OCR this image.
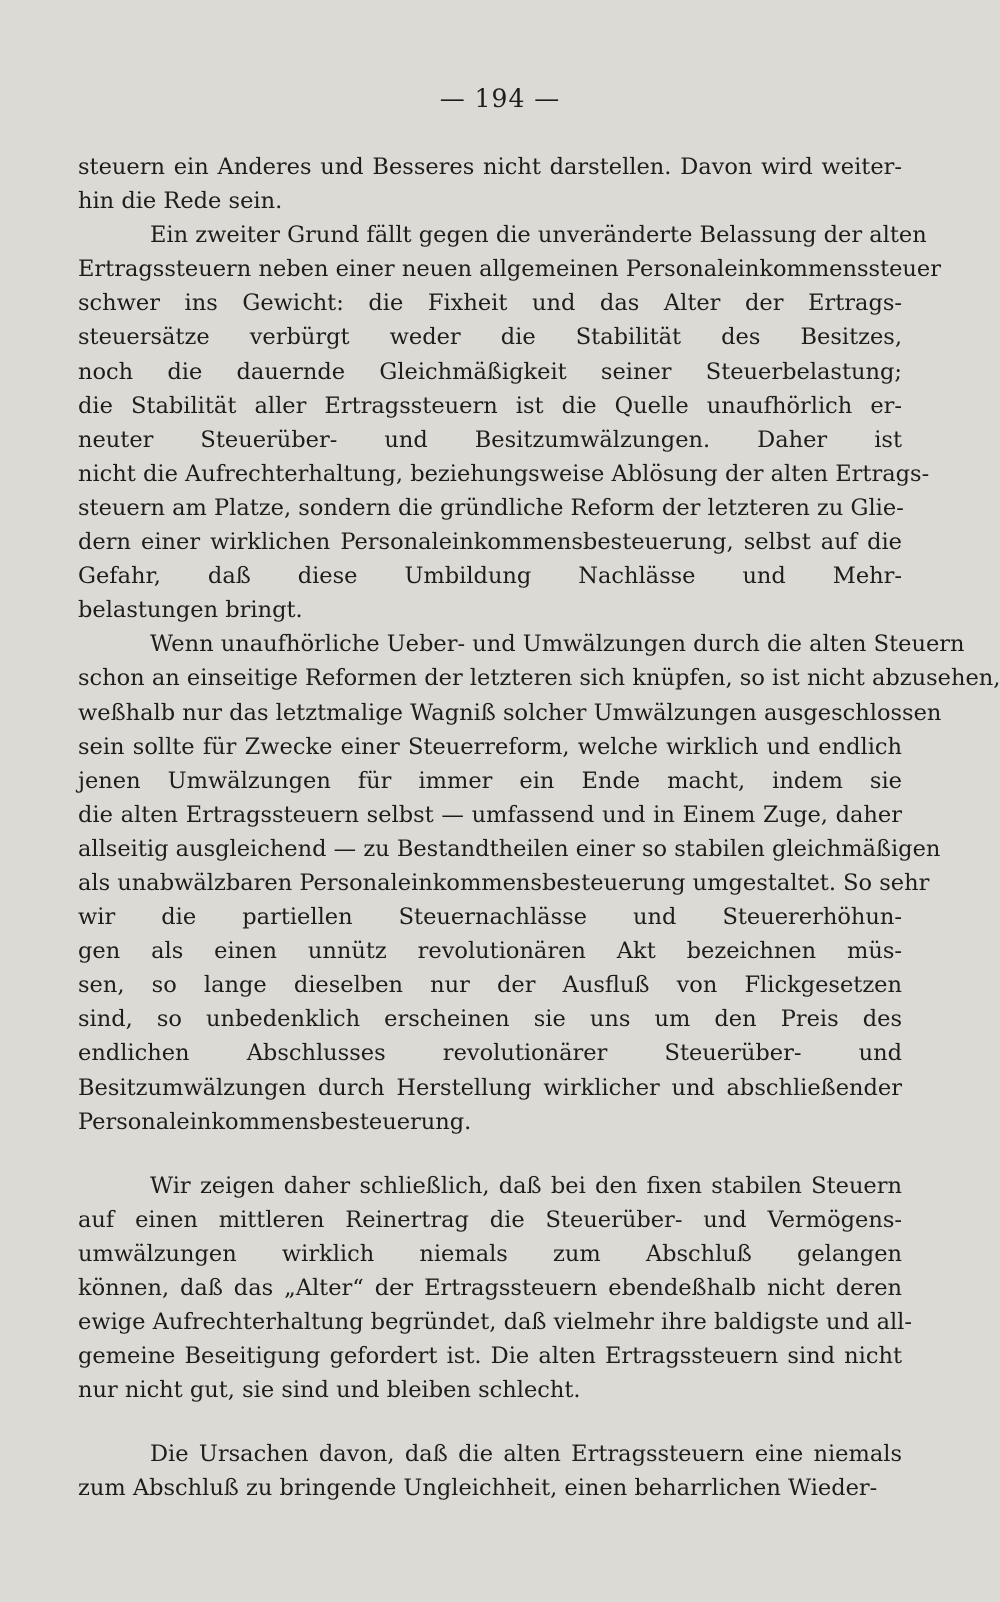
— 194 —
steuern ein Anderes und Besseres nicht darstellen. Davon wird weiter-
hin die Rede sein.
Ein zweiter Grund fällt gegen die unveränderte Belassung der alten
Ertragssteuern neben einer neuen allgemeinen Personaleinkommenssteuer
schwer ins Gewicht: die Fixheit und das Alter der Ertrags-
steuersätze verbürgt weder die Stabilität des Besitzes,
noch die dauernde Gleichmäßigkeit seiner Steuerbelastung;
die Stabilität aller Ertragssteuern ist die Quelle unaufhörlich er-
neuter Steuerüber- und Besitzumwälzungen. Daher ist
nicht die Aufrechterhaltung, beziehungsweise Ablösung der alten Ertrags-
steuern am Platze, sondern die gründliche Reform der letzteren zu Glie-
dern einer wirklichen Personaleinkommensbesteuerung, selbst auf die
Gefahr, daß diese Umbildung Nachlässe und Mehr-
belastungen bringt.
Wenn unaufhörliche Ueber- und Umwälzungen durch die alten Steuern
schon an einseitige Reformen der letzteren sich knüpfen, so ist nicht abzusehen,
weßhalb nur das letztmalige Wagniß solcher Umwälzungen ausgeschlossen
sein sollte für Zwecke einer Steuerreform, welche wirklich und endlich
jenen Umwälzungen für immer ein Ende macht, indem sie
die alten Ertragssteuern selbst — umfassend und in Einem Zuge, daher
allseitig ausgleichend — zu Bestandtheilen einer so stabilen gleichmäßigen
als unabwälzbaren Personaleinkommensbesteuerung umgestaltet. So sehr
wir die partiellen Steuernachlässe und Steuererhöhun-
gen als einen unnütz revolutionären Akt bezeichnen müs-
sen, so lange dieselben nur der Ausfluß von Flickgesetzen
sind, so unbedenklich erscheinen sie uns um den Preis des
endlichen Abschlusses revolutionärer Steuerüber- und
Besitzumwälzungen durch Herstellung wirklicher und abschließender
Personaleinkommensbesteuerung.
Wir zeigen daher schließlich, daß bei den fixen stabilen Steuern
auf einen mittleren Reinertrag die Steuerüber- und Vermögens-
umwälzungen wirklich niemals zum Abschluß gelangen
können, daß das „Alter“ der Ertragssteuern ebendeßhalb nicht deren
ewige Aufrechterhaltung begründet, daß vielmehr ihre baldigste und all-
gemeine Beseitigung gefordert ist. Die alten Ertragssteuern sind nicht
nur nicht gut, sie sind und bleiben schlecht.
Die Ursachen davon, daß die alten Ertragssteuern eine niemals
zum Abschluß zu bringende Ungleichheit, einen beharrlichen Wieder-
